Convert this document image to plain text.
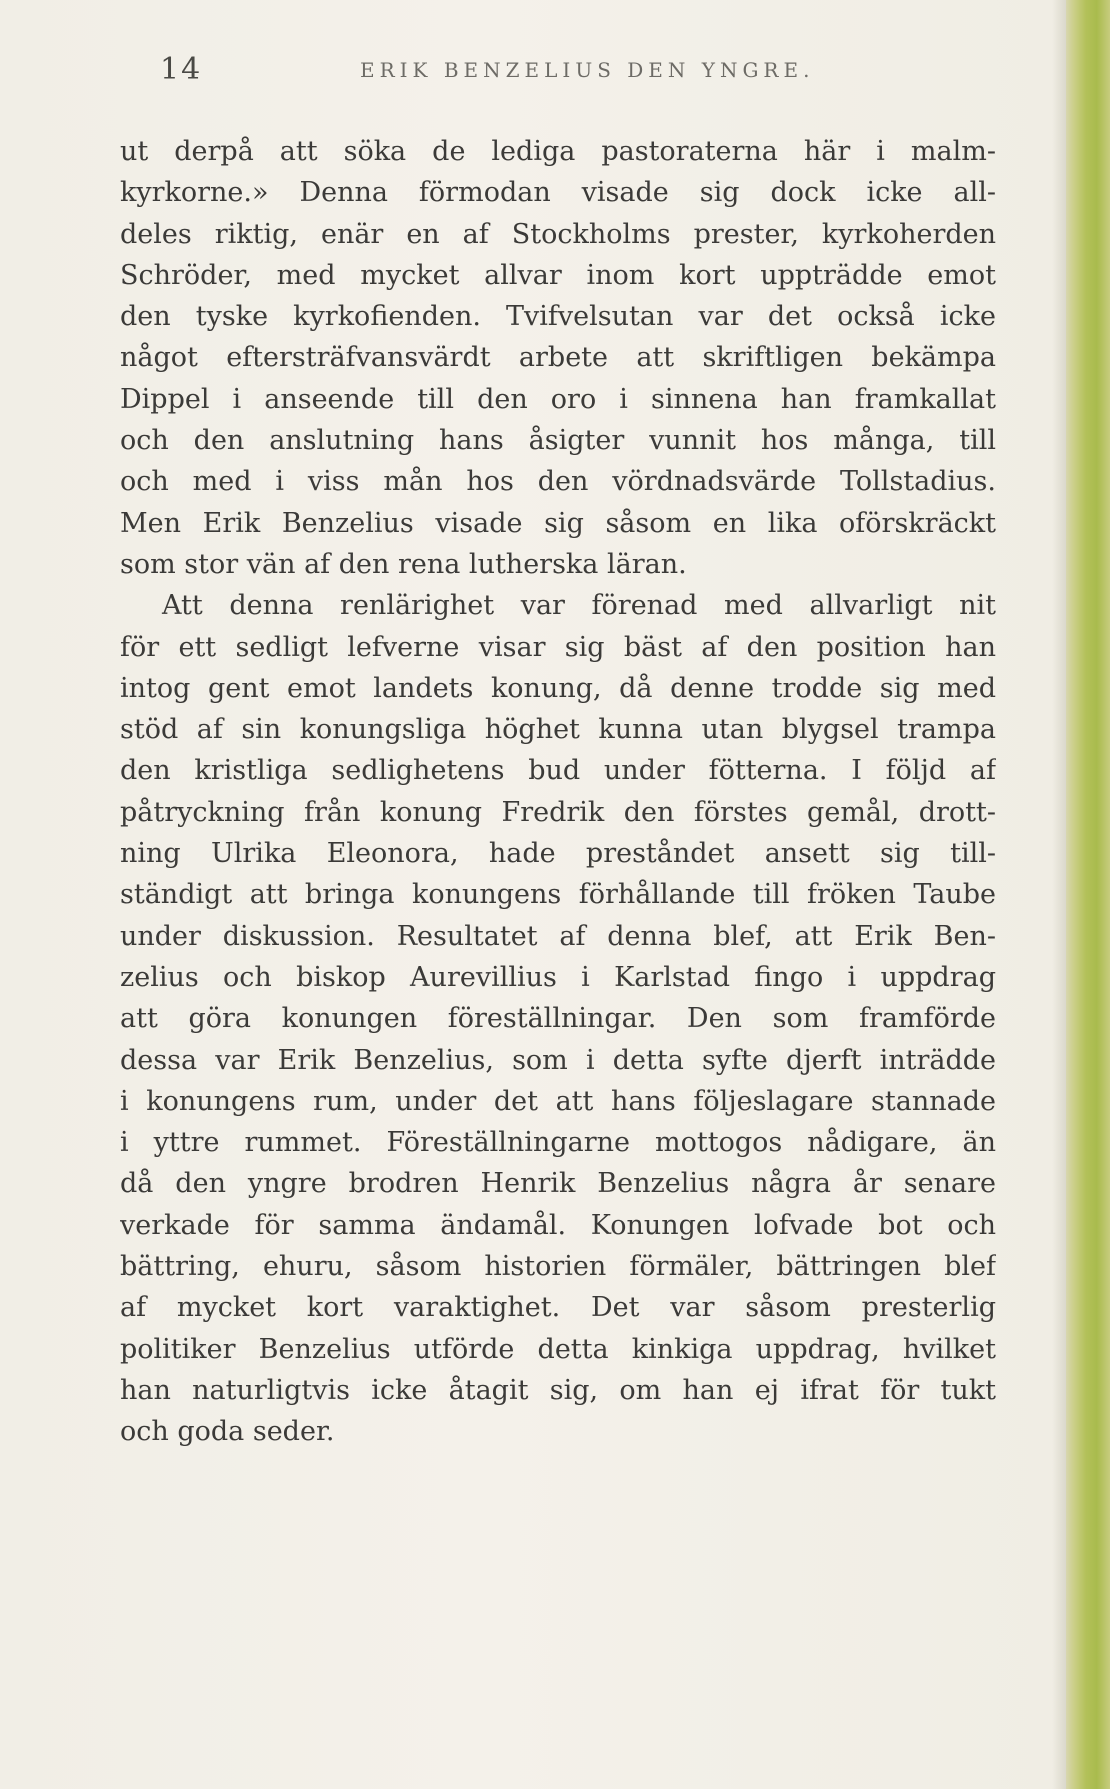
14	ERIK BENZELIUS DEN YNGRE.
ut derpå att söka de lediga pastoraterna här i malm-
kyrkorne.» Denna förmodan visade sig dock icke all-
deles riktig, enär en af Stockholms prester, kyrkoherden
Schröder, med mycket allvar inom kort uppträdde emot
den tyske kyrkofienden. Tvifvelsutan var det också icke
något eftersträfvansvärdt arbete att skriftligen bekämpa
Dippel i anseende till den oro i sinnena han framkallat
och den anslutning hans åsigter vunnit hos många, till
och med i viss mån hos den vördnadsvärde Tollstadius.
Men Erik Benzelius visade sig såsom en lika oförskräckt
som stor vän af den rena lutherska läran.
Att denna renlärighet var förenad med allvarligt nit
för ett sedligt lefverne visar sig bäst af den position han
intog gent emot landets konung, då denne trodde sig med
stöd af sin konungsliga höghet kunna utan blygsel trampa
den kristliga sedlighetens bud under fötterna. I följd af
påtryckning från konung Fredrik den förstes gemål, drott-
ning Ulrika Eleonora, hade preståndet ansett sig till-
ständigt att bringa konungens förhållande till fröken Taube
under diskussion. Resultatet af denna blef, att Erik Ben-
zelius och biskop Aurevillius i Karlstad fingo i uppdrag
att göra konungen föreställningar. Den som framförde
dessa var Erik Benzelius, som i detta syfte djerft inträdde
i konungens rum, under det att hans följeslagare stannade
i yttre rummet. Föreställningarne mottogos nådigare, än
då den yngre brodren Henrik Benzelius några år senare
verkade för samma ändamål. Konungen lofvade bot och
bättring, ehuru, såsom historien förmäler, bättringen blef
af mycket kort varaktighet. Det var såsom presterlig
politiker Benzelius utförde detta kinkiga uppdrag, hvilket
han naturligtvis icke åtagit sig, om han ej ifrat för tukt
och goda seder.
